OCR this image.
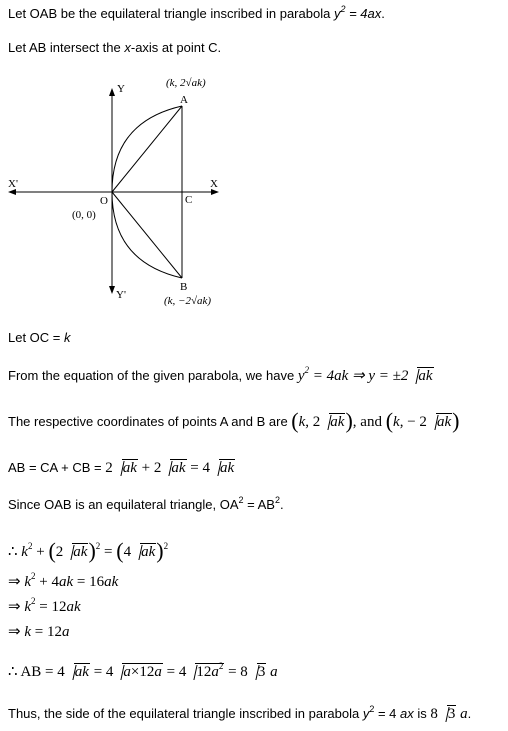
Let OAB be the equilateral triangle inscribed in parabola $y^2 = 4ax$.
Let AB intersect the x-axis at point C.
Y
Y'
X
X'
O
(0, 0)
A
B
C
(k, 2√ak)
(k, −2√ak)
Let OC = k
From the equation of the given parabola, we have $y^2 = 4ak$ ⇒ y = ±2 ak
The respective coordinates of points A and B are (k, 2 ak), and (k, − 2 ak)
AB = CA + CB = 2 ak + 2 ak = 4 ak
Since OAB is an equilateral triangle, $OA^2 = AB^2$.
∴ $k^2 + (2$ ak)$^2$ = (4 ak)$^2$
⇒ $k^2 + 4ak = 16ak$
⇒ $k^2 = 12ak$
⇒ k = 12a
∴ AB = 4 ak = 4 a×12a = 4 $12a^2 = 8$ 3 a
Thus, the side of the equilateral triangle inscribed in parabola $y^2 = 4$ ax is 8 3 a.
